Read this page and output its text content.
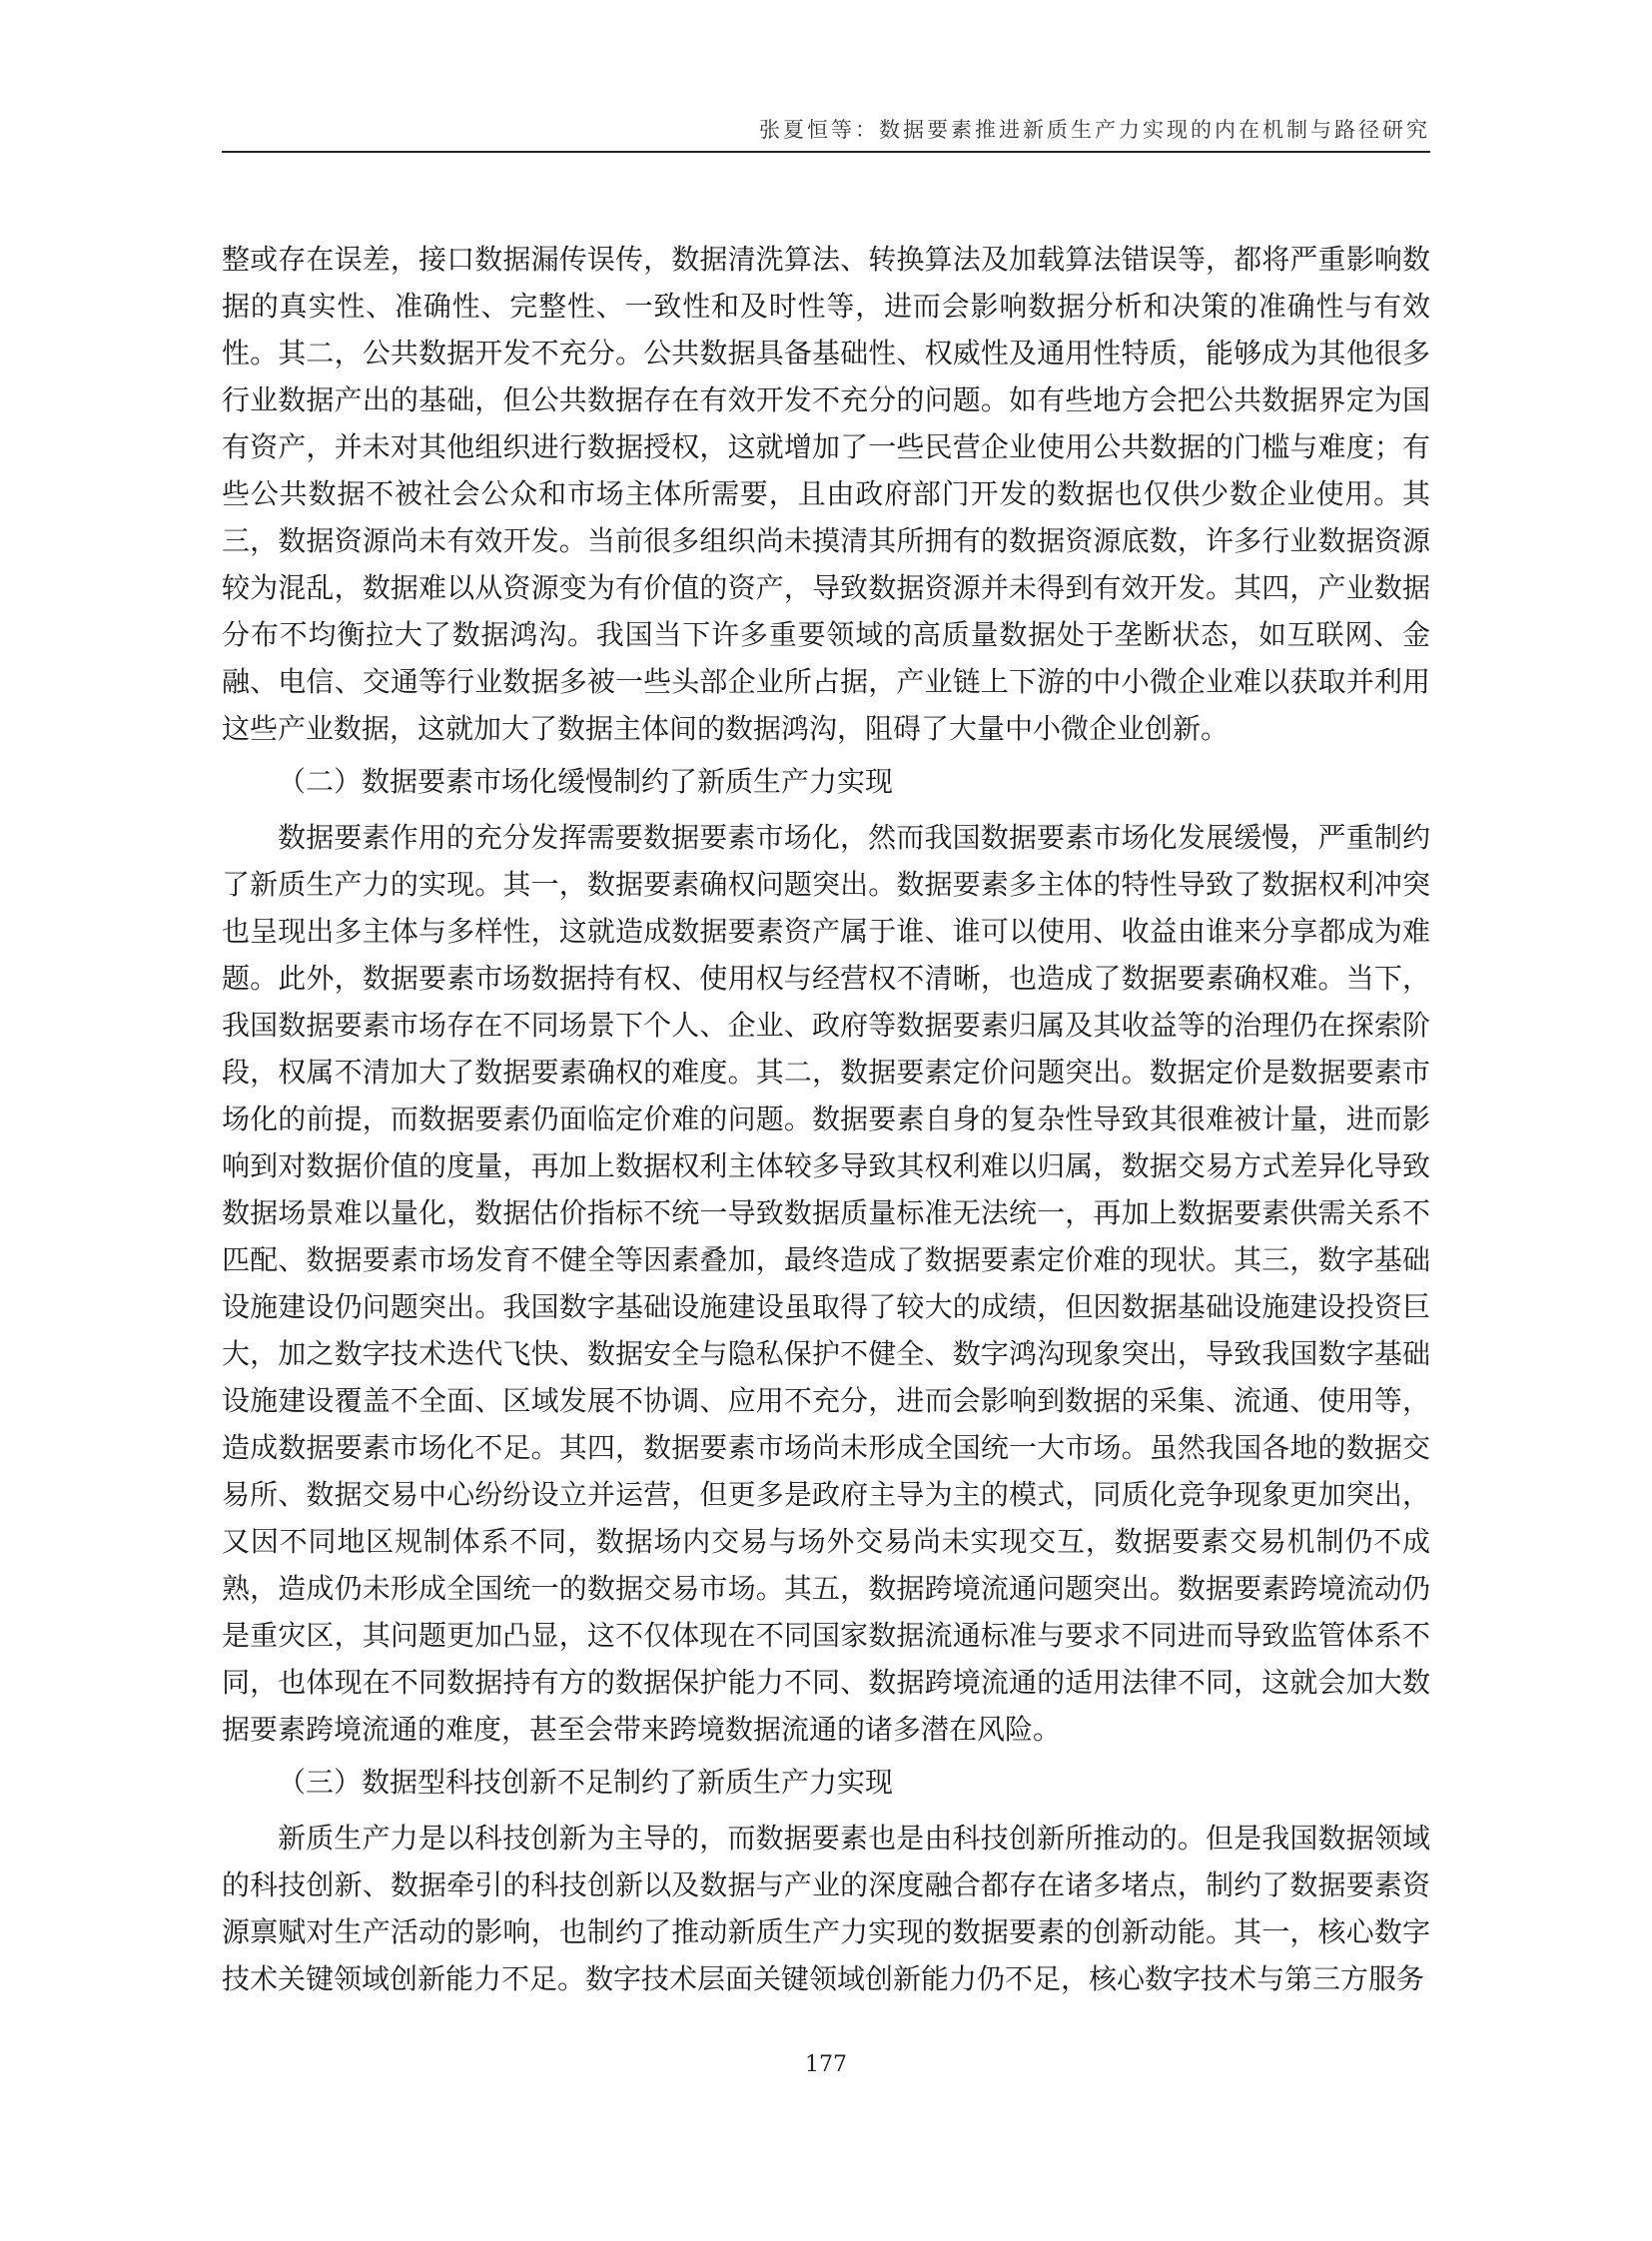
张夏恒等：数据要素推进新质生产力实现的内在机制与路径研究

整或存在误差，接口数据漏传误传，数据清洗算法、转换算法及加载算法错误等，都将严重影响数据的真实性、准确性、完整性、一致性和及时性等，进而会影响数据分析和决策的准确性与有效性。其二，公共数据开发不充分。公共数据具备基础性、权威性及通用性特质，能够成为其他很多行业数据产出的基础，但公共数据存在有效开发不充分的问题。如有些地方会把公共数据界定为国有资产，并未对其他组织进行数据授权，这就增加了一些民营企业使用公共数据的门槛与难度；有些公共数据不被社会公众和市场主体所需要，且由政府部门开发的数据也仅供少数企业使用。其三，数据资源尚未有效开发。当前很多组织尚未摸清其所拥有的数据资源底数，许多行业数据资源较为混乱，数据难以从资源变为有价值的资产，导致数据资源并未得到有效开发。其四，产业数据分布不均衡拉大了数据鸿沟。我国当下许多重要领域的高质量数据处于垄断状态，如互联网、金融、电信、交通等行业数据多被一些头部企业所占据，产业链上下游的中小微企业难以获取并利用这些产业数据，这就加大了数据主体间的数据鸿沟，阻碍了大量中小微企业创新。

（二）数据要素市场化缓慢制约了新质生产力实现

数据要素作用的充分发挥需要数据要素市场化，然而我国数据要素市场化发展缓慢，严重制约了新质生产力的实现。其一，数据要素确权问题突出。数据要素多主体的特性导致了数据权利冲突也呈现出多主体与多样性，这就造成数据要素资产属于谁、谁可以使用、收益由谁来分享都成为难题。此外，数据要素市场数据持有权、使用权与经营权不清晰，也造成了数据要素确权难。当下，我国数据要素市场存在不同场景下个人、企业、政府等数据要素归属及其收益等的治理仍在探索阶段，权属不清加大了数据要素确权的难度。其二，数据要素定价问题突出。数据定价是数据要素市场化的前提，而数据要素仍面临定价难的问题。数据要素自身的复杂性导致其很难被计量，进而影响到对数据价值的度量，再加上数据权利主体较多导致其权利难以归属，数据交易方式差异化导致数据场景难以量化，数据估价指标不统一导致数据质量标准无法统一，再加上数据要素供需关系不匹配、数据要素市场发育不健全等因素叠加，最终造成了数据要素定价难的现状。其三，数字基础设施建设仍问题突出。我国数字基础设施建设虽取得了较大的成绩，但因数据基础设施建设投资巨大，加之数字技术迭代飞快、数据安全与隐私保护不健全、数字鸿沟现象突出，导致我国数字基础设施建设覆盖不全面、区域发展不协调、应用不充分，进而会影响到数据的采集、流通、使用等，造成数据要素市场化不足。其四，数据要素市场尚未形成全国统一大市场。虽然我国各地的数据交易所、数据交易中心纷纷设立并运营，但更多是政府主导为主的模式，同质化竞争现象更加突出，又因不同地区规制体系不同，数据场内交易与场外交易尚未实现交互，数据要素交易机制仍不成熟，造成仍未形成全国统一的数据交易市场。其五，数据跨境流通问题突出。数据要素跨境流动仍是重灾区，其问题更加凸显，这不仅体现在不同国家数据流通标准与要求不同进而导致监管体系不同，也体现在不同数据持有方的数据保护能力不同、数据跨境流通的适用法律不同，这就会加大数据要素跨境流通的难度，甚至会带来跨境数据流通的诸多潜在风险。

（三）数据型科技创新不足制约了新质生产力实现

新质生产力是以科技创新为主导的，而数据要素也是由科技创新所推动的。但是我国数据领域的科技创新、数据牵引的科技创新以及数据与产业的深度融合都存在诸多堵点，制约了数据要素资源禀赋对生产活动的影响，也制约了推动新质生产力实现的数据要素的创新动能。其一，核心数字技术关键领域创新能力不足。数字技术层面关键领域创新能力仍不足，核心数字技术与第三方服务

177
